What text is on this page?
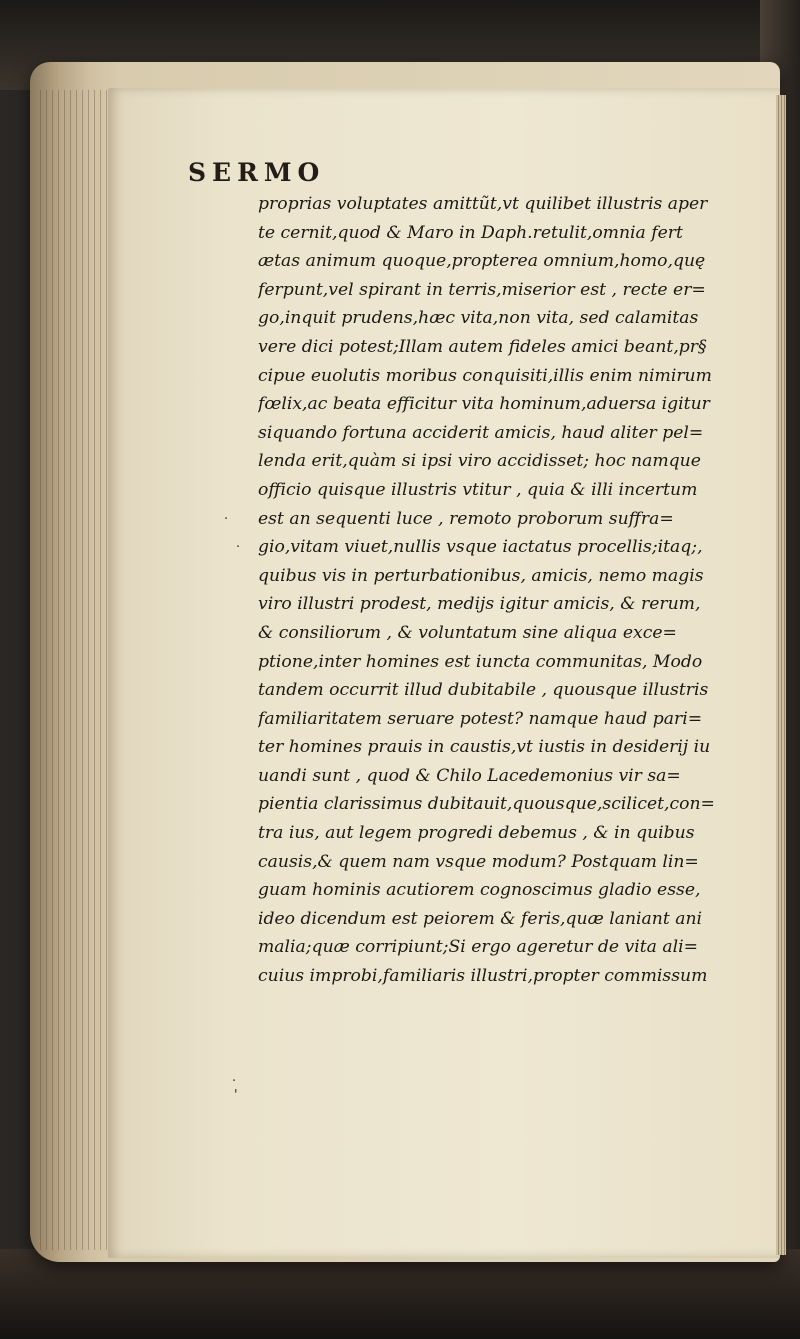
·
·
.
'
SERMO
proprias voluptates amittũt,vt quilibet illustris aper
te cernit,quod & Maro in Daph.retulit,omnia fert
ætas animum quoque,propterea omnium,homo,quę
ferpunt,vel spirant in terris,miserior est , recte er=
go,inquit prudens,hæc vita,non vita, sed calamitas
vere dici potest;Illam autem fideles amici beant,pr§
cipue euolutis moribus conquisiti,illis enim nimirum
fœlix,ac beata efficitur vita hominum,aduersa igitur
siquando fortuna acciderit amicis, haud aliter pel=
lenda erit,quàm si ipsi viro accidisset; hoc namque
officio quisque illustris vtitur , quia & illi incertum
est an sequenti luce , remoto proborum suffra=
gio,vitam viuet,nullis vsque iactatus procellis;itaq;,
quibus vis in perturbationibus, amicis, nemo magis
viro illustri prodest, medijs igitur amicis, & rerum,
& consiliorum , & voluntatum sine aliqua exce=
ptione,inter homines est iuncta communitas, Modo
tandem occurrit illud dubitabile , quousque illustris
familiaritatem seruare potest? namque haud pari=
ter homines prauis in caustis,vt iustis in desiderij iu
uandi sunt , quod & Chilo Lacedemonius vir sa=
pientia clarissimus dubitauit,quousque,scilicet,con=
tra ius, aut legem progredi debemus , & in quibus
causis,& quem nam vsque modum? Postquam lin=
guam hominis acutiorem cognoscimus gladio esse,
ideo dicendum est peiorem & feris,quæ laniant ani
malia;quæ corripiunt;Si ergo ageretur de vita ali=
cuius improbi,familiaris illustri,propter commissum
